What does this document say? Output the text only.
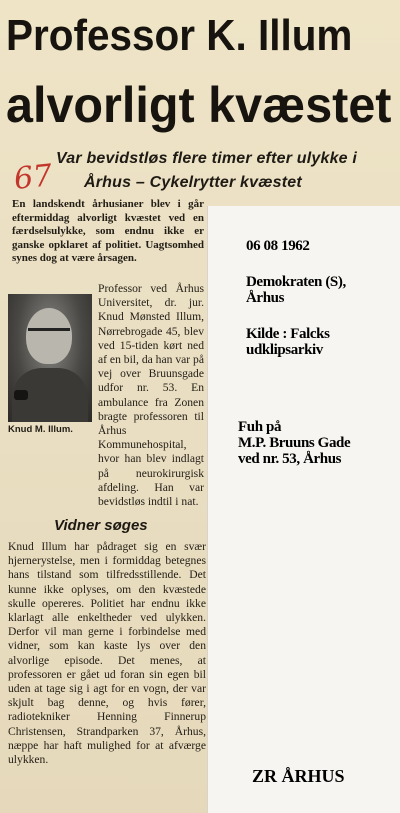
Professor K. Illum
alvorligt kvæstet
Var bevidstløs flere timer efter ulykke i
Århus – Cykelrytter kvæstet
67
En landskendt århusianer blev i går eftermiddag alvorligt kvæstet ved en færdselsulykke, som endnu ikke er ganske opklaret af politiet. Uagtsomhed synes dog at være årsagen.
Professor ved Århus Universitet, dr. jur. Knud Mønsted Illum, Nørrebrogade 45, blev ved 15-tiden kørt ned af en bil, da han var på vej over Bruunsgade udfor nr. 53. En ambulance fra Zonen bragte professoren til Århus Kommunehospital, hvor han blev indlagt på neurokirurgisk afdeling. Han var bevidstløs indtil i nat.
Knud M. Illum.
Vidner søges
Knud Illum har pådraget sig en svær hjernerystelse, men i formiddag betegnes hans tilstand som tilfredsstillende. Det kunne ikke oplyses, om den kvæstede skulle opereres. Politiet har endnu ikke klarlagt alle enkeltheder ved ulykken. Derfor vil man gerne i forbindelse med vidner, som kan kaste lys over den alvorlige episode. Det menes, at professoren er gået ud foran sin egen bil uden at tage sig i agt for en vogn, der var skjult bag denne, og hvis fører, radiotekniker Henning Finnerup Christensen, Strandparken 37, Århus, næppe har haft mulighed for at afværge ulykken.
06 08 1962
Demokraten (S),
Århus
Kilde : Falcks
udklipsarkiv
Fuh på
M.P. Bruuns Gade
ved nr. 53, Århus
ZR ÅRHUS
